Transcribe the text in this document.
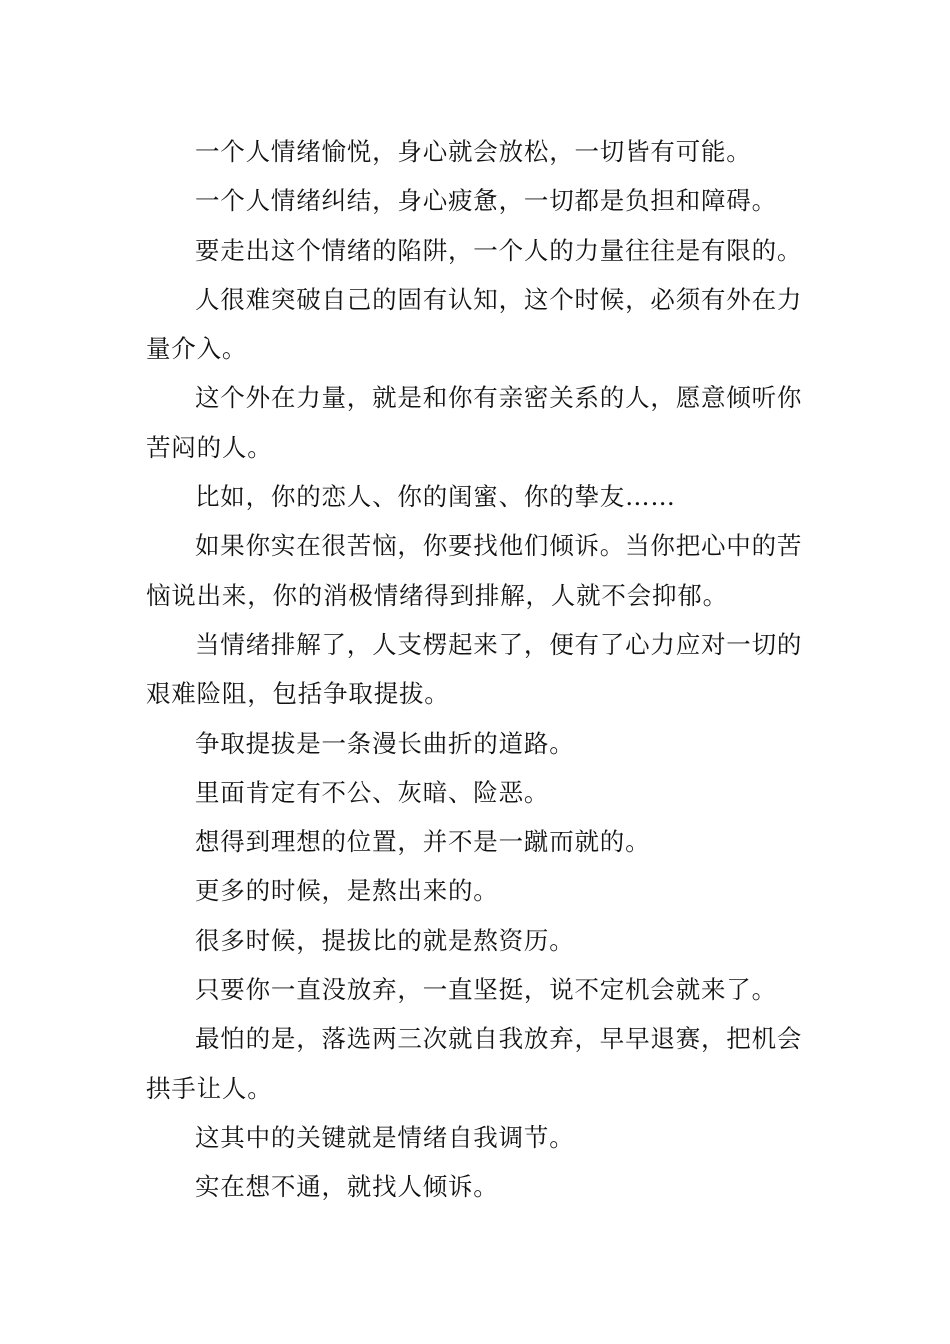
一个人情绪愉悦，身心就会放松，一切皆有可能。

一个人情绪纠结，身心疲惫，一切都是负担和障碍。

要走出这个情绪的陷阱，一个人的力量往往是有限的。

人很难突破自己的固有认知，这个时候，必须有外在力量介入。

这个外在力量，就是和你有亲密关系的人，愿意倾听你苦闷的人。

比如，你的恋人、你的闺蜜、你的挚友……

如果你实在很苦恼，你要找他们倾诉。当你把心中的苦恼说出来，你的消极情绪得到排解，人就不会抑郁。

当情绪排解了，人支楞起来了，便有了心力应对一切的艰难险阻，包括争取提拔。

争取提拔是一条漫长曲折的道路。

里面肯定有不公、灰暗、险恶。

想得到理想的位置，并不是一蹴而就的。

更多的时候，是熬出来的。

很多时候，提拔比的就是熬资历。

只要你一直没放弃，一直坚挺，说不定机会就来了。

最怕的是，落选两三次就自我放弃，早早退赛，把机会拱手让人。

这其中的关键就是情绪自我调节。

实在想不通，就找人倾诉。
